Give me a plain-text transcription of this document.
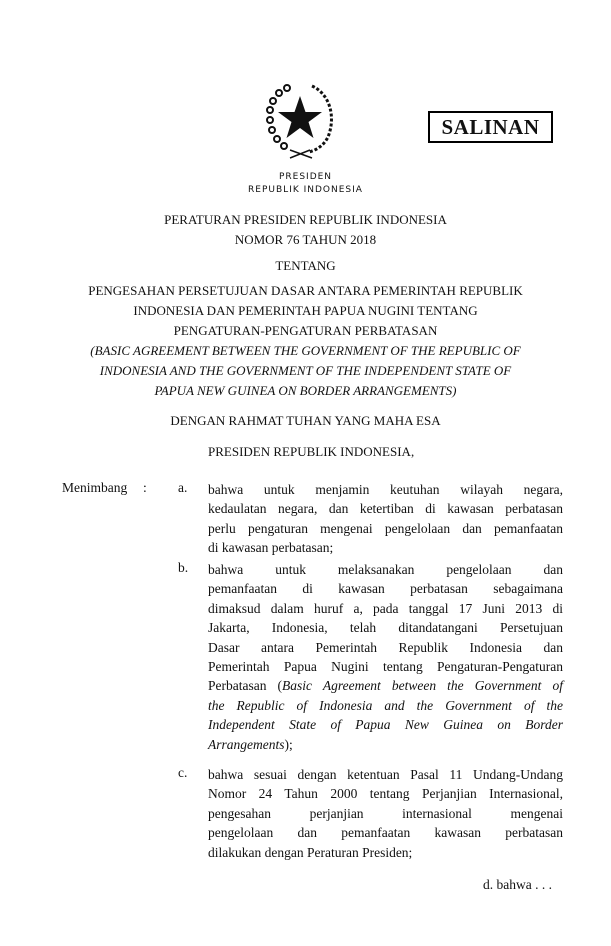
SALINAN
PRESIDEN
REPUBLIK INDONESIA
PERATURAN PRESIDEN REPUBLIK INDONESIA
NOMOR 76 TAHUN 2018
TENTANG
PENGESAHAN PERSETUJUAN DASAR ANTARA PEMERINTAH REPUBLIK
INDONESIA DAN PEMERINTAH PAPUA NUGINI TENTANG
PENGATURAN-PENGATURAN PERBATASAN
(BASIC AGREEMENT BETWEEN THE GOVERNMENT OF THE REPUBLIC OF
INDONESIA AND THE GOVERNMENT OF THE INDEPENDENT STATE OF
PAPUA NEW GUINEA ON BORDER ARRANGEMENTS)
DENGAN RAHMAT TUHAN YANG MAHA ESA
PRESIDEN REPUBLIK INDONESIA,
Menimbang : a. bahwa untuk menjamin keutuhan wilayah negara,
kedaulatan negara, dan ketertiban di kawasan perbatasan
perlu pengaturan mengenai pengelolaan dan pemanfaatan
di kawasan perbatasan;
b. bahwa untuk melaksanakan pengelolaan dan
pemanfaatan di kawasan perbatasan sebagaimana
dimaksud dalam huruf a, pada tanggal 17 Juni 2013 di
Jakarta, Indonesia, telah ditandatangani Persetujuan
Dasar antara Pemerintah Republik Indonesia dan
Pemerintah Papua Nugini tentang Pengaturan-Pengaturan
Perbatasan (Basic Agreement between the Government of
the Republic of Indonesia and the Government of the
Independent State of Papua New Guinea on Border
Arrangements);
c. bahwa sesuai dengan ketentuan Pasal 11 Undang-Undang
Nomor 24 Tahun 2000 tentang Perjanjian Internasional,
pengesahan perjanjian internasional mengenai
pengelolaan dan pemanfaatan kawasan perbatasan
dilakukan dengan Peraturan Presiden;
d. bahwa . . .
